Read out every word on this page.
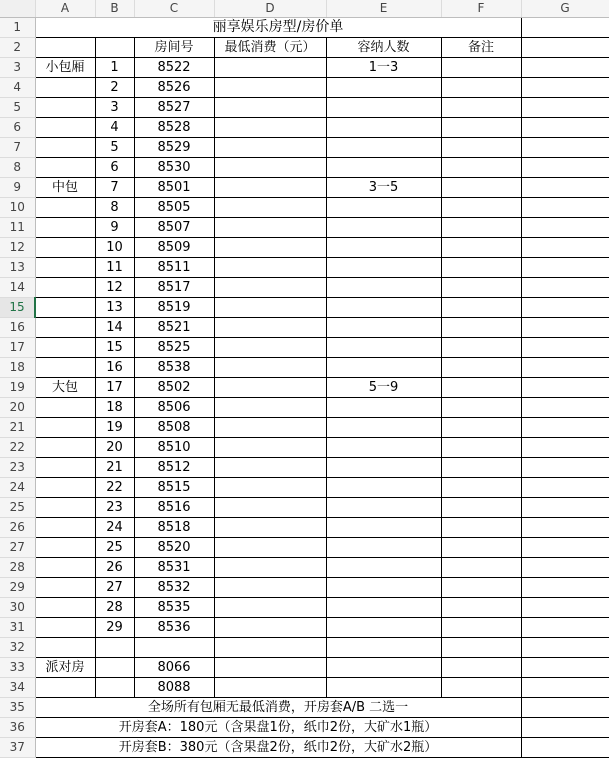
	A	B	C	D	E	F	G
1	丽享娱乐房型/房价单						
2			房间号	最低消费（元）	容纳人数	备注	
3	小包厢	1	8522		1一3		
4		2	8526				
5		3	8527				
6		4	8528				
7		5	8529				
8		6	8530				
9	中包	7	8501		3一5		
10		8	8505				
11		9	8507				
12		10	8509				
13		11	8511				
14		12	8517				
15		13	8519				
16		14	8521				
17		15	8525				
18		16	8538				
19	大包	17	8502		5一9		
20		18	8506				
21		19	8508				
22		20	8510				
23		21	8512				
24		22	8515				
25		23	8516				
26		24	8518				
27		25	8520				
28		26	8531				
29		27	8532				
30		28	8535				
31		29	8536				
32							
33	派对房		8066				
34			8088				
35	全场所有包厢无最低消费，开房套A/B 二选一						
36	开房套A：180元（含果盘1份，纸巾2份，大矿水1瓶）						
37	开房套B：380元（含果盘2份，纸巾2份，大矿水2瓶）						
